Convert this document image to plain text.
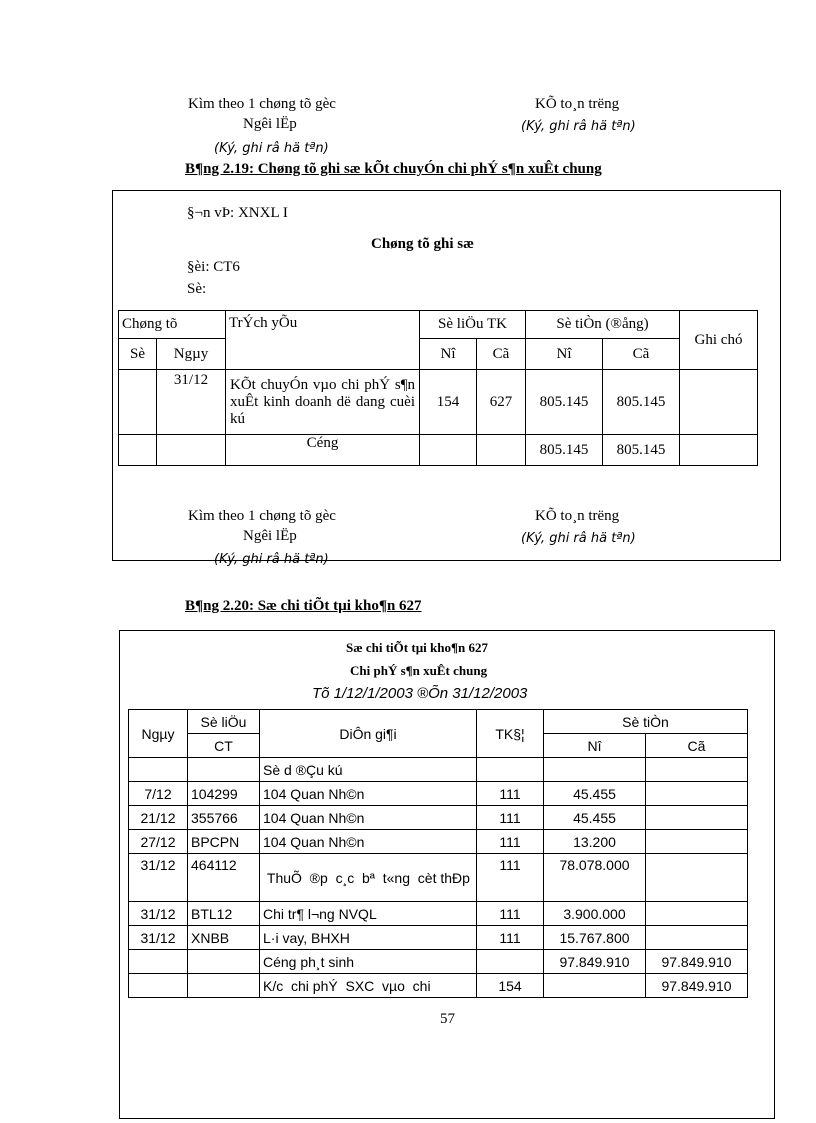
Kìm theo 1 chøng tõ gèc
Ngêi lËp
(Ký, ghi râ hä tªn)
KÕ to¸n trëng
(Ký, ghi râ hä tªn)
B¶ng 2.19: Chøng tõ ghi sæ kÕt chuyÓn chi phÝ s¶n xuÊt chung
§¬n vÞ: XNXL I
Chøng tõ ghi sæ
§èi: CT6
Sè:
Chøng tõ		TrÝch yÕu	Sè liÖu TK		Sè tiÒn (®ång)		Ghi chó
Sè	Ngµy		Nî	Cã	Nî	Cã	
	31/12	KÕt chuyÓn vµo chi phÝ s¶n xuÊt kinh doanh dë dang cuèi kú	154	627	805.145	805.145	
		Céng			805.145	805.145	
Kìm theo 1 chøng tõ gèc
Ngêi lËp
(Ký, ghi râ hä tªn)
KÕ to¸n trëng
(Ký, ghi râ hä tªn)
B¶ng 2.20: Sæ chi tiÕt tµi kho¶n 627
Sæ chi tiÕt tµi kho¶n 627
Chi phÝ s¶n xuÊt chung
Tõ 1/12/1/2003 ®Õn 31/12/2003
Ngµy	Sè liÖu	DiÔn gi¶i	TK§¦	Sè tiÒn	
	CT			Nî	Cã
		Sè d ®Çu kú			
7/12	104299	104 Quan Nh©n	111	45.455	
21/12	355766	104 Quan Nh©n	111	45.455	
27/12	BPCPN	104 Quan Nh©n	111	13.200	
31/12	464112	ThuÕ  ®p  c¸c  bª  t«ng  cèt thÐp	111	78.078.000	
31/12	BTL12	Chi tr¶ l¬ng NVQL	111	3.900.000	
31/12	XNBB	L·i vay, BHXH	111	15.767.800	
		Céng ph¸t sinh		97.849.910	97.849.910
		K/c  chi phÝ  SXC  vµo  chi	154		97.849.910
57
